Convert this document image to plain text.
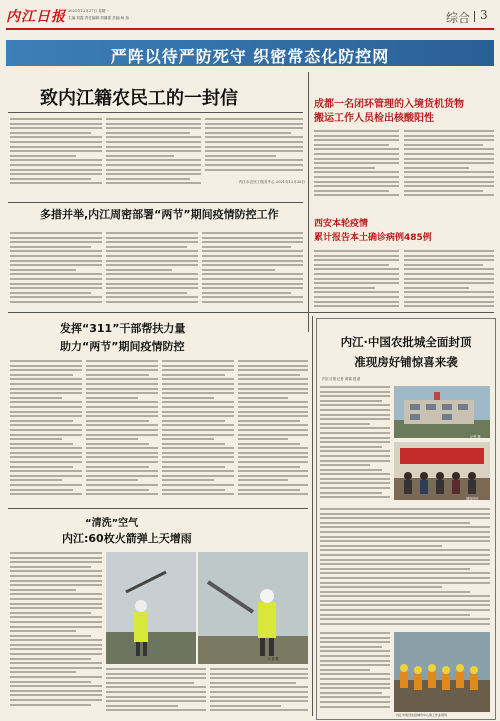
内江日报 2021年12月27日 星期一
主编:刘霞 责任编辑:刘翼强 美编:杨 扬	综合 3
严阵以待严防死守 织密常态化防控网
致内江籍农民工的一封信
内江市农民工服务中心 2021年12月26日
成都一名闭环管理的入境货机货物
搬运工作人员检出核酸阳性
多措并举,内江周密部署“两节”期间疫情防控工作
西安本轮疫情
累计报告本土确诊病例485例
发挥“311”干部帮扶力量
助力“两节”期间疫情防控	内江·中国农批城全面封顶
准现房好铺惊喜来袭
内江日报记者 黄斌 报道
记者 摄
网络图片
内江市建设农批城市中心施工作业现场
“清洗”空气
内江:60枚火箭弹上天增雨
记者 摄
